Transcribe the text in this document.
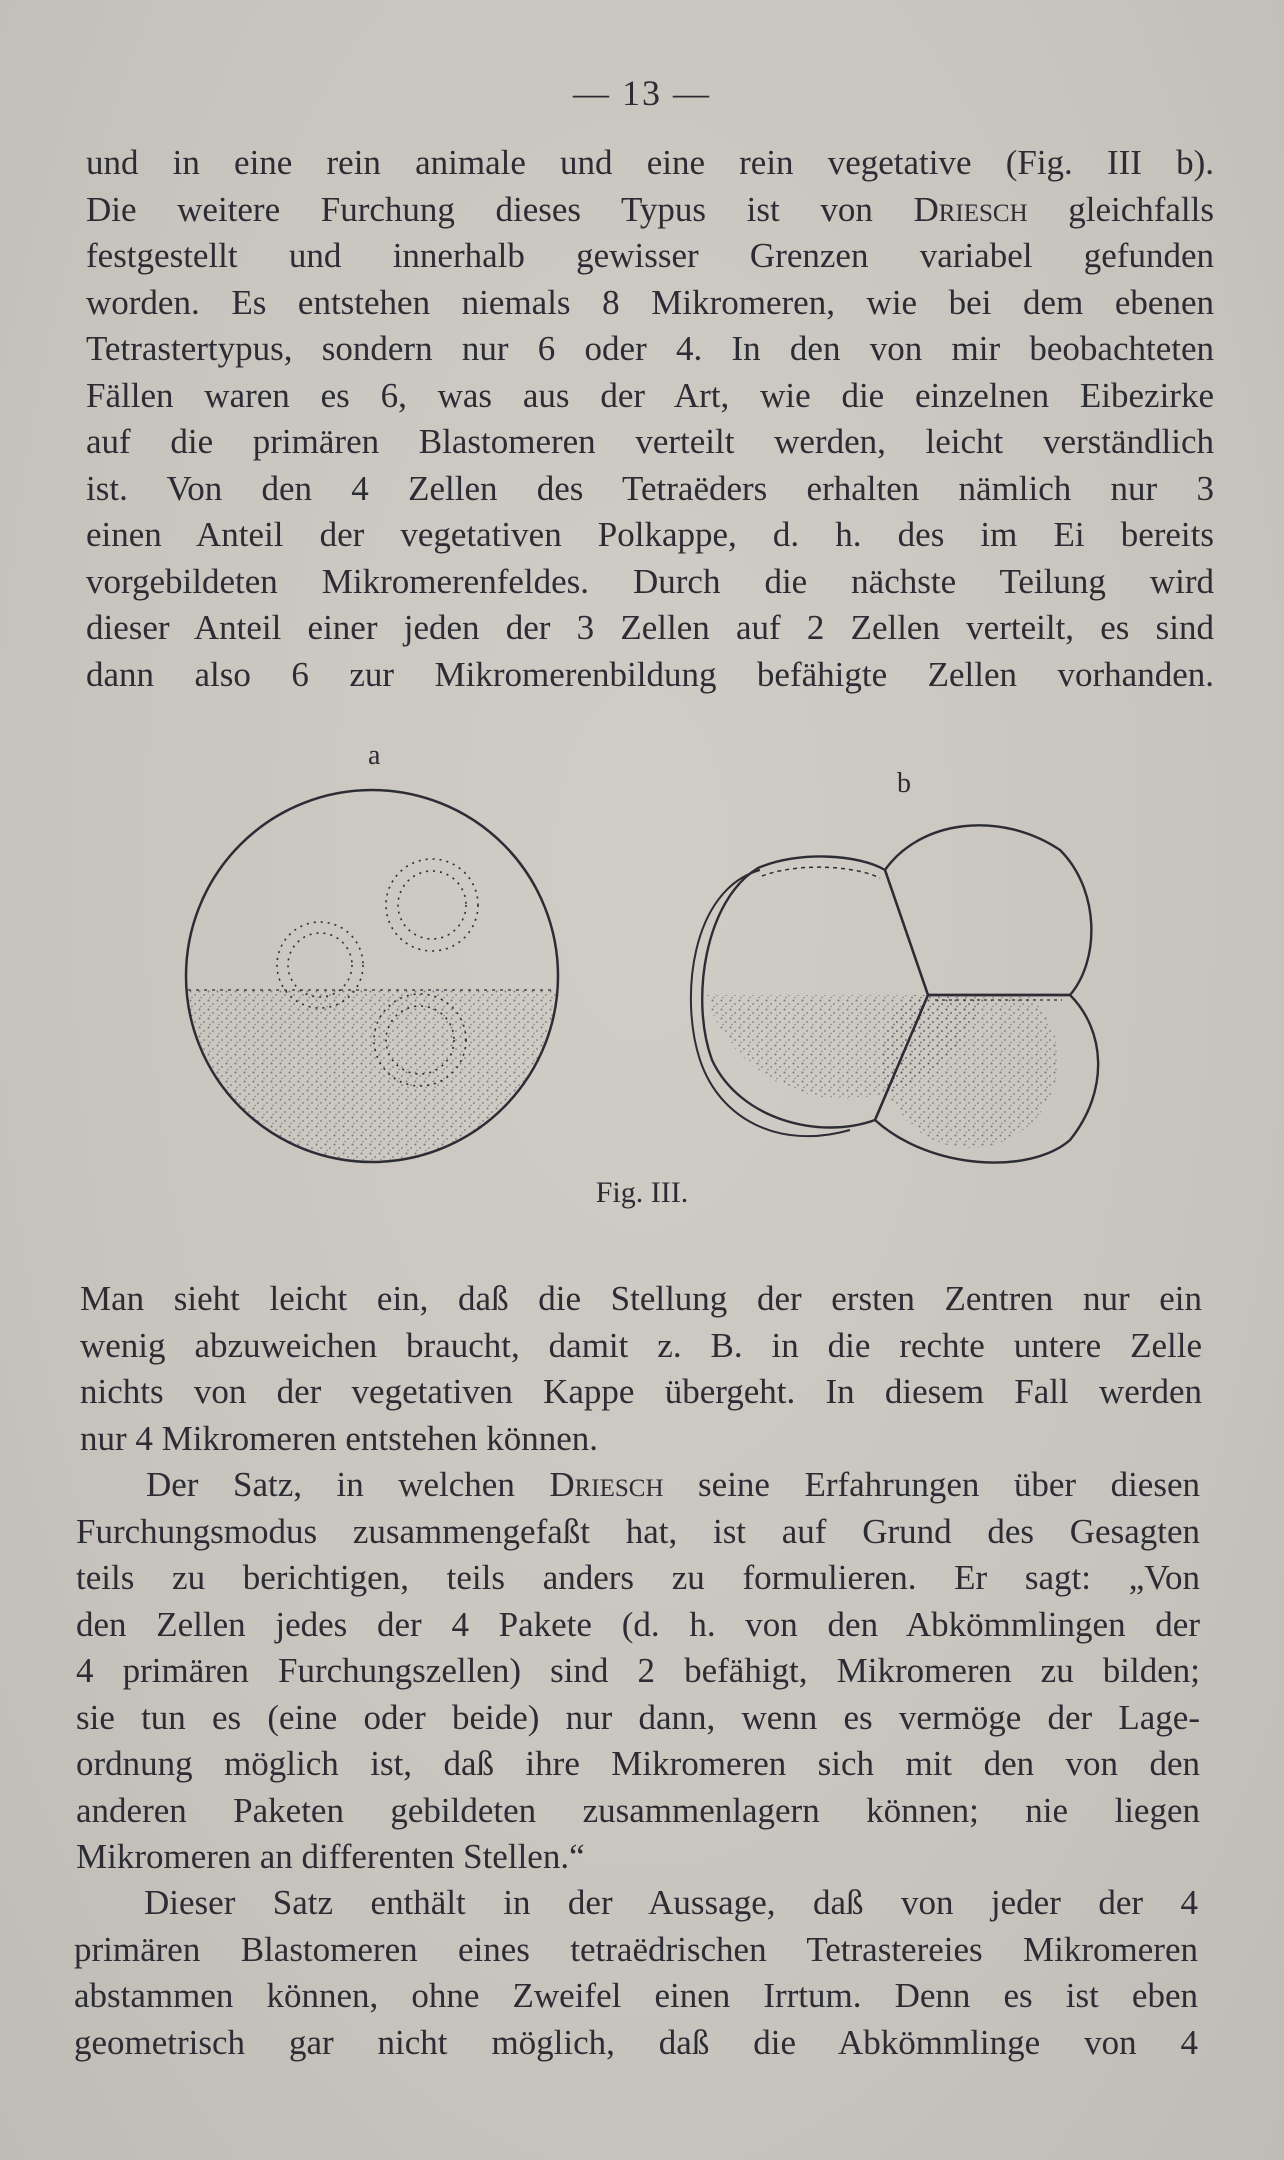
— 13 —
und in eine rein animale und eine rein vegetative (Fig. III b).
Die weitere Furchung dieses Typus ist von Driesch gleichfalls
festgestellt und innerhalb gewisser Grenzen variabel gefunden
worden. Es entstehen niemals 8 Mikromeren, wie bei dem ebenen
Tetrastertypus, sondern nur 6 oder 4. In den von mir beobachteten
Fällen waren es 6, was aus der Art, wie die einzelnen Eibezirke
auf die primären Blastomeren verteilt werden, leicht verständlich
ist. Von den 4 Zellen des Tetraëders erhalten nämlich nur 3
einen Anteil der vegetativen Polkappe, d. h. des im Ei bereits
vorgebildeten Mikromerenfeldes. Durch die nächste Teilung wird
dieser Anteil einer jeden der 3 Zellen auf 2 Zellen verteilt, es sind
dann also 6 zur Mikromerenbildung befähigte Zellen vorhanden.
a
b
Fig. III.
Man sieht leicht ein, daß die Stellung der ersten Zentren nur ein
wenig abzuweichen braucht, damit z. B. in die rechte untere Zelle
nichts von der vegetativen Kappe übergeht. In diesem Fall werden
nur 4 Mikromeren entstehen können.
Der Satz, in welchen Driesch seine Erfahrungen über diesen
Furchungsmodus zusammengefaßt hat, ist auf Grund des Gesagten
teils zu berichtigen, teils anders zu formulieren. Er sagt: „Von
den Zellen jedes der 4 Pakete (d. h. von den Abkömmlingen der
4 primären Furchungszellen) sind 2 befähigt, Mikromeren zu bilden;
sie tun es (eine oder beide) nur dann, wenn es vermöge der Lage-
ordnung möglich ist, daß ihre Mikromeren sich mit den von den
anderen Paketen gebildeten zusammenlagern können; nie liegen
Mikromeren an differenten Stellen.“
Dieser Satz enthält in der Aussage, daß von jeder der 4
primären Blastomeren eines tetraëdrischen Tetrastereies Mikromeren
abstammen können, ohne Zweifel einen Irrtum. Denn es ist eben
geometrisch gar nicht möglich, daß die Abkömmlinge von 4
